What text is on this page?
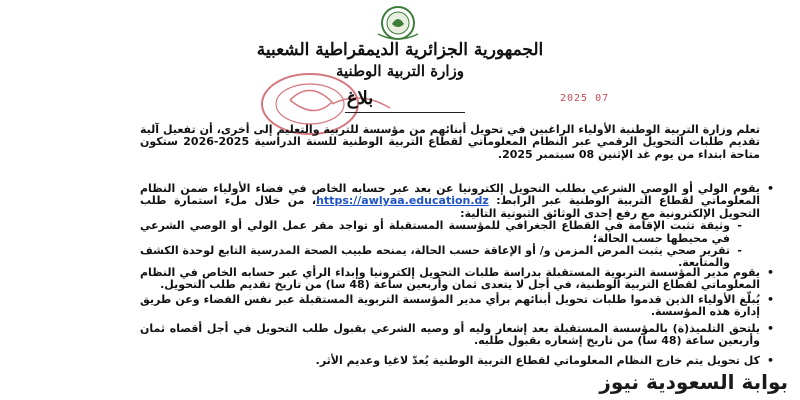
الجمهورية الجزائرية الديمقراطية الشعبية
وزارة التربية الوطنية
بلاغ	2025 07
تعلم وزارة التربية الوطنية الأولياء الراغبين في تحويل أبنائهم من مؤسسة للتربية والتعليم إلى أخرى، أن تفعيل آلية تقديم طلبات التحويل الرقمي عبر النظام المعلوماتي لقطاع التربية الوطنية للسنة الدراسية 2025-2026 ستكون متاحة ابتداء من يوم غد الإثنين 08 سبتمبر 2025.
•
يقوم الولي أو الوصي الشرعي بطلب التحويل إلكترونيا عن بعد عبر حسابه الخاص في فضاء الأولياء ضمن النظام المعلوماتي لقطاع التربية الوطنية عبر الرابط: https://awlyaa.education.dz، من خلال ملء استمارة طلب التحويل الإلكترونية مع رفع إحدى الوثائق الثبوتية التالية:
-
وثيقة تثبت الإقامة في القطاع الجغرافي للمؤسسة المستقبلة أو تواجد مقر عمل الولي أو الوصي الشرعي في محيطها حسب الحالة؛
-
تقرير صحي يثبت المرض المزمن و/ أو الإعاقة حسب الحالة، يمنحه طبيب الصحة المدرسية التابع لوحدة الكشف والمتابعة.
•
يقوم مدير المؤسسة التربوية المستقبلة بدراسة طلبات التحويل إلكترونيا وإبداء الرأي عبر حسابه الخاص في النظام المعلوماتي لقطاع التربية الوطنية، في أجل لا يتعدى ثمان وأربعين ساعة (48 سا) من تاريخ تقديم طلب التحويل.
•
يُبلّغ الأولياء الذين قدموا طلبات تحويل أبنائهم برأي مدير المؤسسة التربوية المستقبلة عبر نفس الفضاء وعن طريق إدارة هذه المؤسسة.
•
يلتحق التلميذ(ة) بالمؤسسة المستقبلة بعد إشعار وليه أو وصيه الشرعي بقبول طلب التحويل في أجل أقصاه ثمان وأربعين ساعة (48 سا) من تاريخ إشعاره بقبول طلبه.
•
كل تحويل يتم خارج النظام المعلوماتي لقطاع التربية الوطنية يُعدّ لاغيا وعديم الأثر.
بوابة السعودية نيوز
